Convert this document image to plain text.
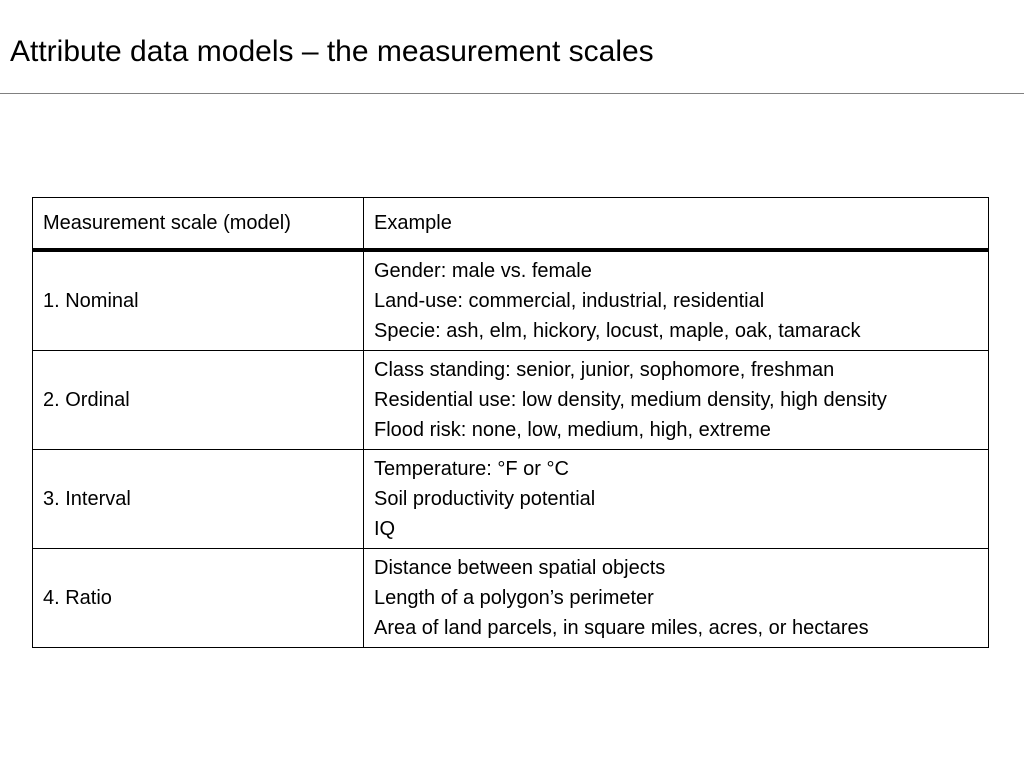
Attribute data models – the measurement scales
Measurement scale (model)	Example
1. Nominal	Gender: male vs. female
Land-use: commercial, industrial, residential
Specie: ash, elm, hickory, locust, maple, oak, tamarack

2. Ordinal	Class standing: senior, junior, sophomore, freshman
Residential use: low density, medium density, high density
Flood risk: none, low, medium, high, extreme

3. Interval	Temperature: °F or °C
Soil productivity potential
IQ

4. Ratio	Distance between spatial objects
Length of a polygon’s perimeter
Area of land parcels, in square miles, acres, or hectares
